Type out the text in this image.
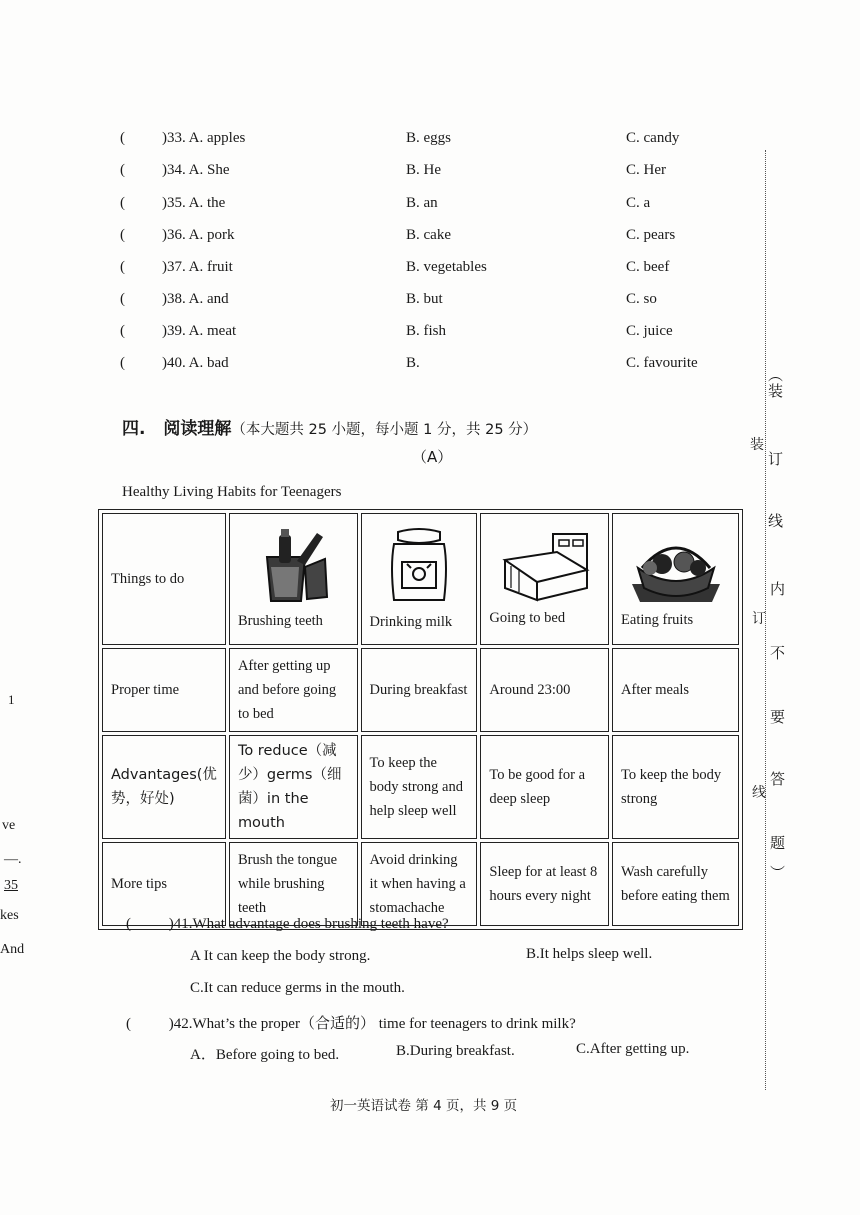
( )33. A. apples	B. eggs	C. candy
( )34. A. She	B. He	C. Her
( )35. A. the	B. an	C. a
( )36. A. pork	B. cake	C. pears
( )37. A. fruit	B. vegetables	C. beef
( )38. A. and	B. but	C. so
( )39. A. meat	B. fish	C. juice
( )40. A. bad	B.	C. favourite
四. 阅读理解（本大题共 25 小题，每小题 1 分，共 25 分）
（A）
Healthy Living Habits for Teenagers
Things to do	Brushing teeth	Drinking milk	Going to bed	Eating fruits
Proper time	After getting up and before going to bed	During breakfast	Around 23:00	After meals
Advantages(优势，好处)	To reduce（减少）germs（细菌）in the mouth	To keep the body strong and help sleep well	To be good for a deep sleep	To keep the body strong
More tips	Brush the tongue while brushing teeth	Avoid drinking it when having a stomachache	Sleep for at least 8 hours every night	Wash carefully before eating them
(	)41.What advantage does brushing teeth have?
A It can keep the body strong.	B.It helps sleep well.
C.It can reduce germs in the mouth.
(	)42.What’s the proper（合适的） time for teenagers to drink milk?
A．Before going to bed.	B.During breakfast.	C.After getting up.
初一英语试卷 第 4 页，共 9 页
︵
装
订
线
内
不
要
答
题
︶
装
订
线
1
ve
—.
35
kes
And
